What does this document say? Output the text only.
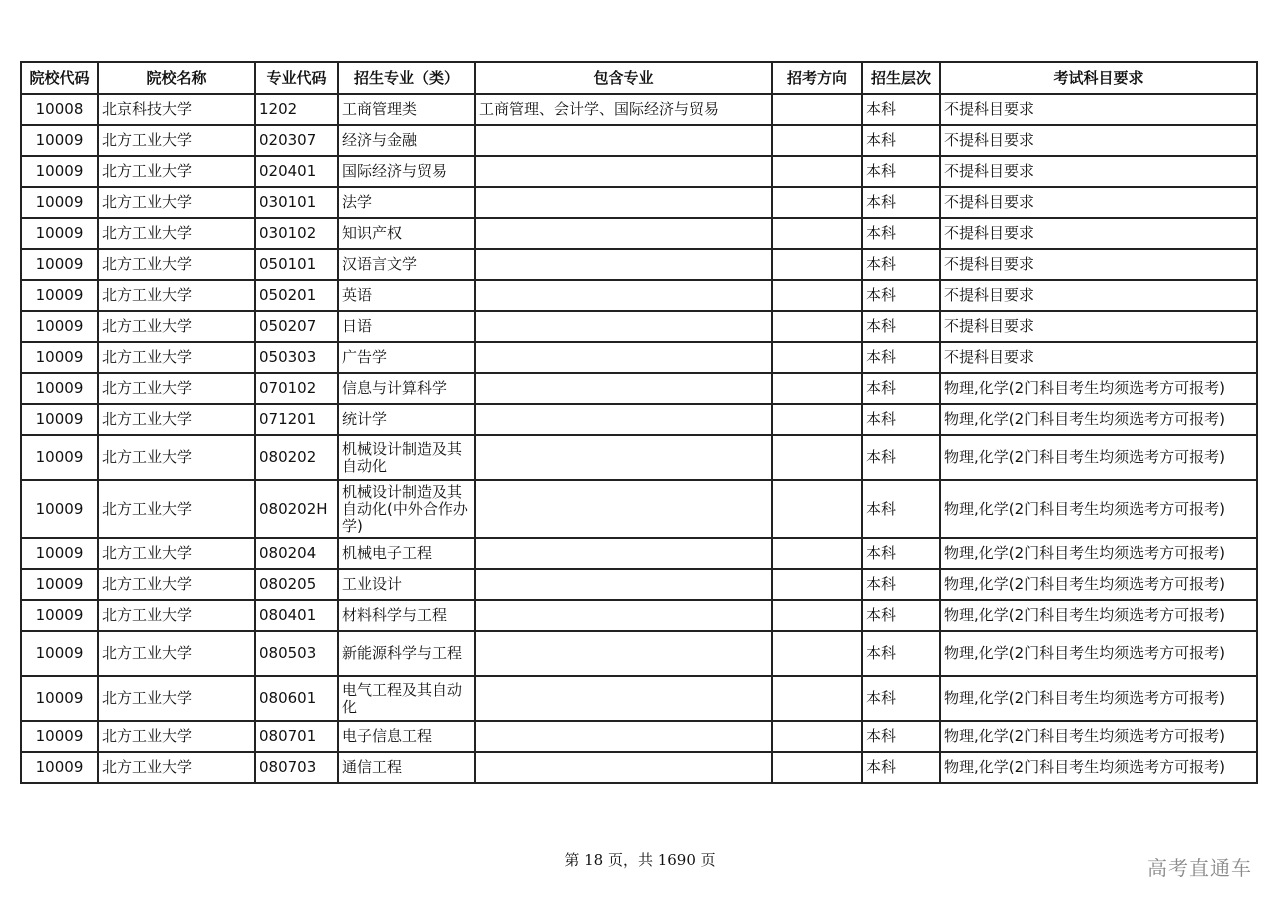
院校代码	院校名称	专业代码	招生专业（类）	包含专业	招考方向	招生层次	考试科目要求
10008	北京科技大学	1202	工商管理类	工商管理、会计学、国际经济与贸易		本科	不提科目要求
10009	北方工业大学	020307	经济与金融			本科	不提科目要求
10009	北方工业大学	020401	国际经济与贸易			本科	不提科目要求
10009	北方工业大学	030101	法学			本科	不提科目要求
10009	北方工业大学	030102	知识产权			本科	不提科目要求
10009	北方工业大学	050101	汉语言文学			本科	不提科目要求
10009	北方工业大学	050201	英语			本科	不提科目要求
10009	北方工业大学	050207	日语			本科	不提科目要求
10009	北方工业大学	050303	广告学			本科	不提科目要求
10009	北方工业大学	070102	信息与计算科学			本科	物理,化学(2门科目考生均须选考方可报考)
10009	北方工业大学	071201	统计学			本科	物理,化学(2门科目考生均须选考方可报考)
10009	北方工业大学	080202	机械设计制造及其自动化			本科	物理,化学(2门科目考生均须选考方可报考)
10009	北方工业大学	080202H	机械设计制造及其自动化(中外合作办学)			本科	物理,化学(2门科目考生均须选考方可报考)
10009	北方工业大学	080204	机械电子工程			本科	物理,化学(2门科目考生均须选考方可报考)
10009	北方工业大学	080205	工业设计			本科	物理,化学(2门科目考生均须选考方可报考)
10009	北方工业大学	080401	材料科学与工程			本科	物理,化学(2门科目考生均须选考方可报考)
10009	北方工业大学	080503	新能源科学与工程			本科	物理,化学(2门科目考生均须选考方可报考)
10009	北方工业大学	080601	电气工程及其自动化			本科	物理,化学(2门科目考生均须选考方可报考)
10009	北方工业大学	080701	电子信息工程			本科	物理,化学(2门科目考生均须选考方可报考)
10009	北方工业大学	080703	通信工程			本科	物理,化学(2门科目考生均须选考方可报考)
第 18 页，共 1690 页	高考直通车
